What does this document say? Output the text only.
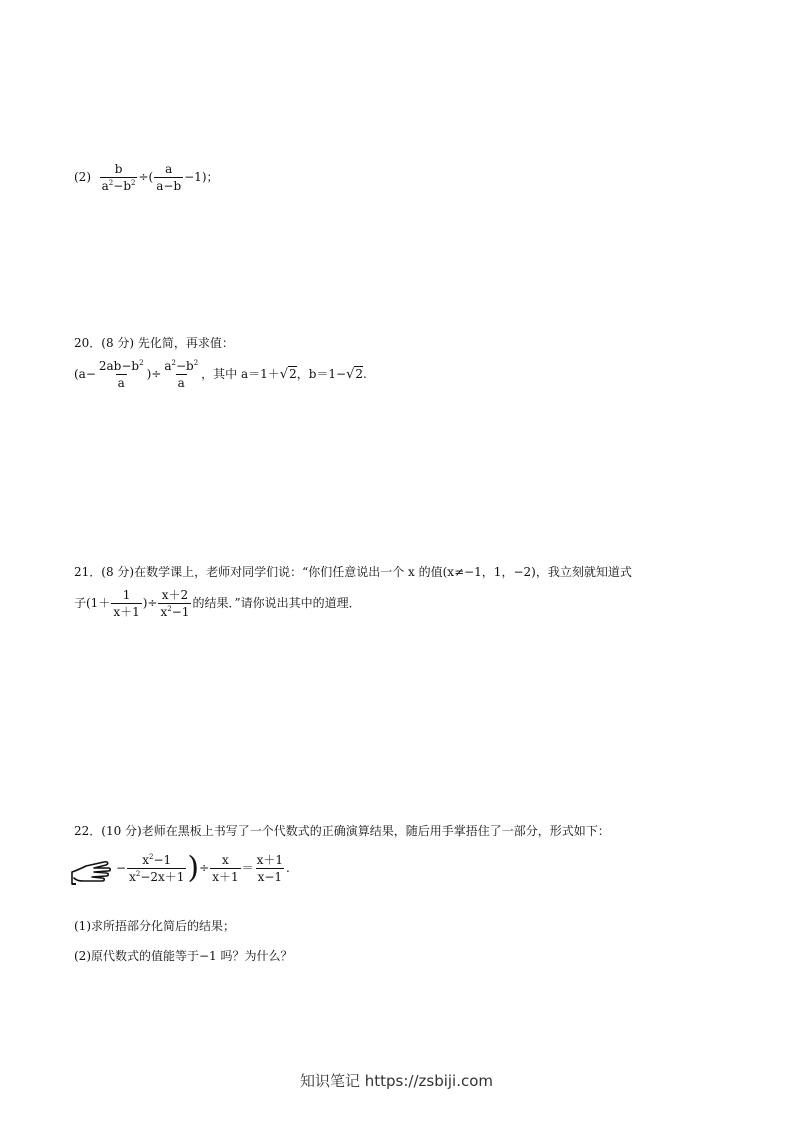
$(2) \frac{b}{a^2-b^2}$ ÷( $\frac{a}{a-b} -1$)；
20．(8 分) 先化简，再求值：
($a- \frac{2ab-b^2}{a}$ )÷ $\frac{a^2-b^2}{a}$ ，其中 a＝1＋√2，b＝1−√2.
21．(8 分)在数学课上，老师对同学们说：“你们任意说出一个 x 的值(x≠−1，1，−2)，我立刻就知道式
子($1+ \frac{1}{x+1}$ )÷ $\frac{x+2}{x^2-1}$ 的结果．”请你说出其中的道理．
22．(10 分)老师在黑板上书写了一个代数式的正确演算结果，随后用手掌捂住了一部分，形式如下：
− $\frac{x^2-1}{x^2-2x+1}$ )÷ $\frac{x}{x+1} = \frac{x+1}{x-1}$ .
(1)求所捂部分化简后的结果；
(2)原代数式的值能等于−1 吗？为什么？
知识笔记 https://zsbiji.com
